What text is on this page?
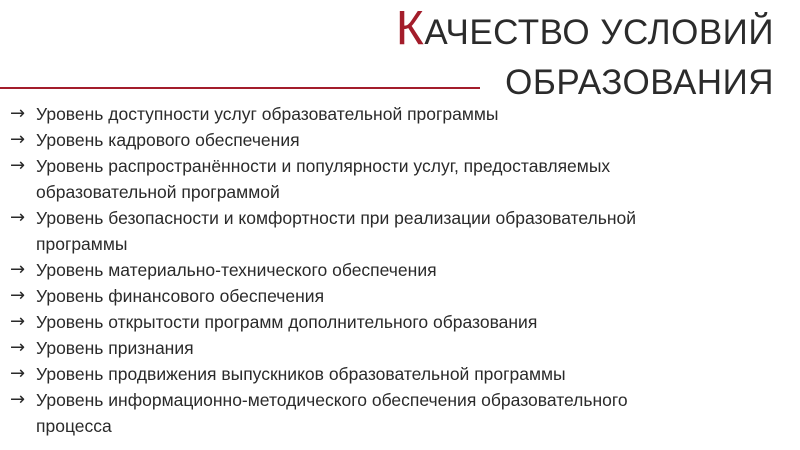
КАЧЕСТВО УСЛОВИЙ
ОБРАЗОВАНИЯ
→ Уровень доступности услуг образовательной программы
→ Уровень кадрового обеспечения
→ Уровень распространённости и популярности услуг, предоставляемых
образовательной программой
→ Уровень безопасности и комфортности при реализации образовательной
программы
→ Уровень материально-технического обеспечения
→ Уровень финансового обеспечения
→ Уровень открытости программ дополнительного образования
→ Уровень признания
→ Уровень продвижения выпускников образовательной программы
→ Уровень информационно-методического обеспечения образовательного
процесса
